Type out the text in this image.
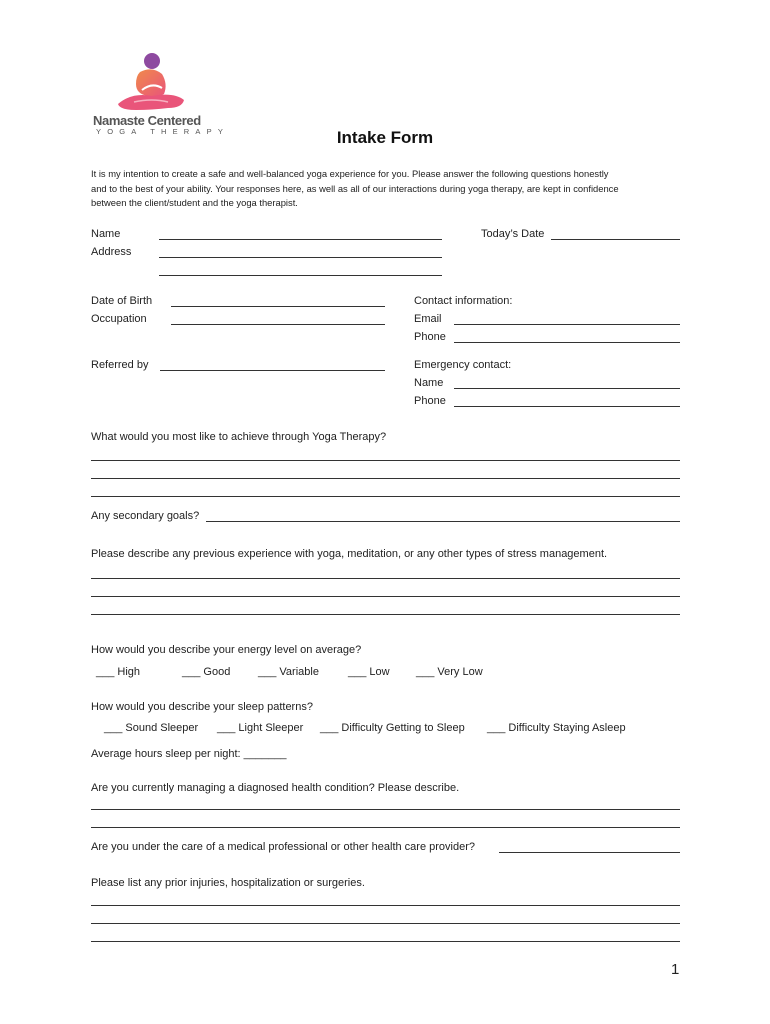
Namaste Centered
YOGA THERAPY	Intake Form

It is my intention to create a safe and well-balanced yoga experience for you. Please answer the following questions honestly

and to the best of your ability. Your responses here, as well as all of our interactions during yoga therapy, are kept in confidence

between the client/student and the yoga therapist.

Name	Today’s Date
Address
Date of Birth
Occupation
Contact information:
Email
Phone
Referred by	Emergency contact:
Name
Phone
What would you most like to achieve through Yoga Therapy?
Any secondary goals?
Please describe any previous experience with yoga, meditation, or any other types of stress management.
How would you describe your energy level on average?
___ High	___ Good	___ Variable	___ Low ___ Very Low
How would you describe your sleep patterns?
___ Sound Sleeper ___ Light Sleeper ___ Difficulty Getting to Sleep ___ Difficulty Staying Asleep
Average hours sleep per night: _______
Are you currently managing a diagnosed health condition? Please describe.
Are you under the care of a medical professional or other health care provider?
Please list any prior injuries, hospitalization or surgeries.
1
